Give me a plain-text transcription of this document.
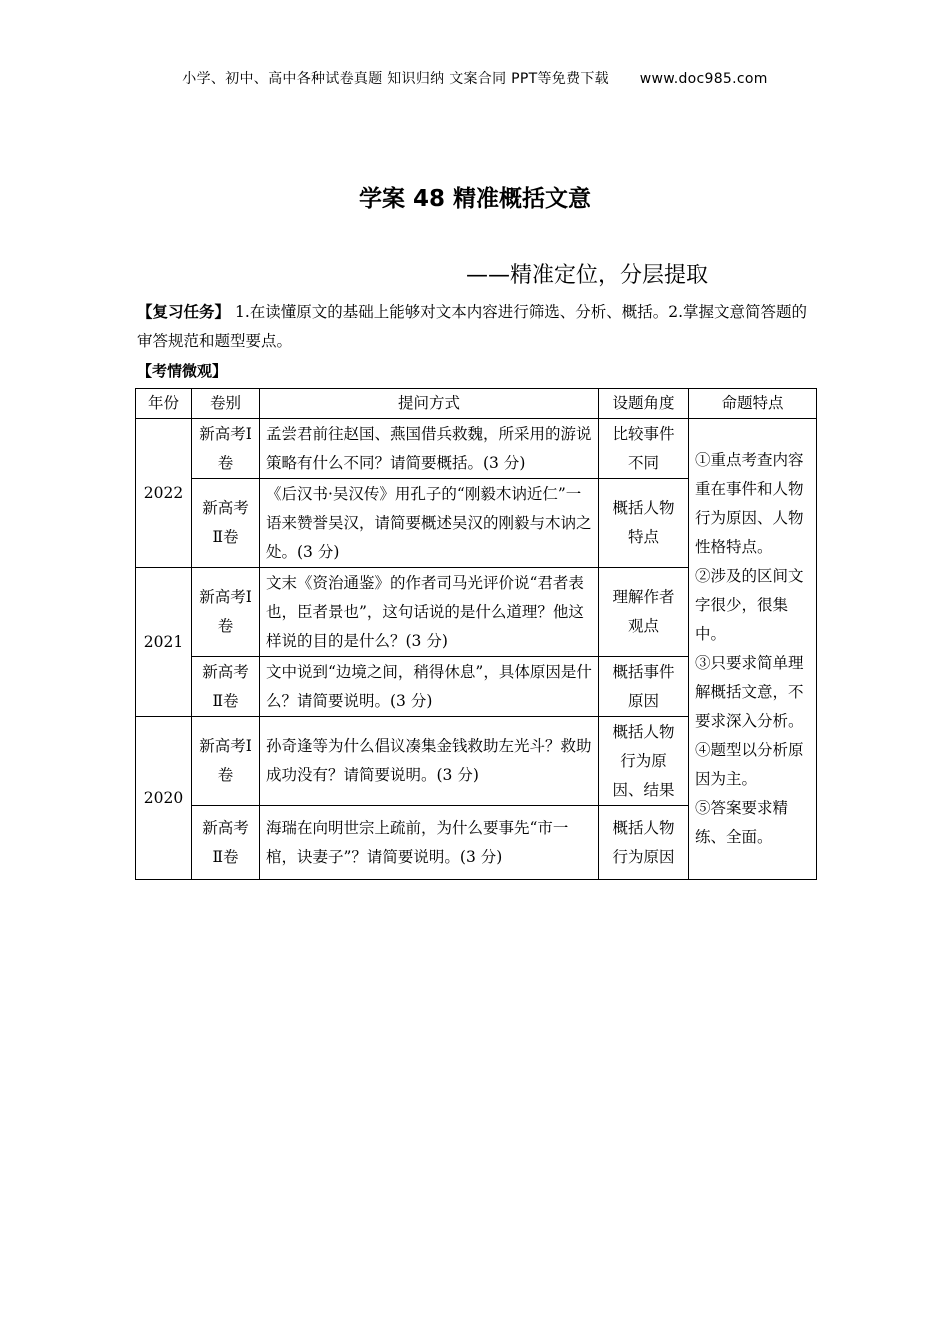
小学、初中、高中各种试卷真题 知识归纳 文案合同 PPT等免费下载 www.doc985.com
学案 48 精准概括文意
——精准定位，分层提取
【复习任务】 1.在读懂原文的基础上能够对文本内容进行筛选、分析、概括。2.掌握文意简答题的审答规范和题型要点。
【考情微观】
年份	卷别	提问方式	设题角度	命题特点
2022	新高考Ⅰ卷	孟尝君前往赵国、燕国借兵救魏，所采用的游说策略有什么不同？请简要概括。(3 分)	比较事件不同	①重点考查内容重在事件和人物行为原因、人物性格特点。
②涉及的区间文字很少，很集中。
③只要求简单理解概括文意，不要求深入分析。
④题型以分析原因为主。
⑤答案要求精练、全面。

	新高考Ⅱ卷	《后汉书·吴汉传》用孔子的“刚毅木讷近仁”一语来赞誉吴汉，请简要概述吴汉的刚毅与木讷之处。(3 分)	概括人物特点	
2021	新高考Ⅰ卷	文末《资治通鉴》的作者司马光评价说“君者表也，臣者景也”，这句话说的是什么道理？他这样说的目的是什么？(3 分)	理解作者观点	
	新高考Ⅱ卷	文中说到“边境之间，稍得休息”，具体原因是什么？请简要说明。(3 分)	概括事件原因	
2020	新高考Ⅰ卷	孙奇逢等为什么倡议凑集金钱救助左光斗？救助成功没有？请简要说明。(3 分)	概括人物行为原因、结果	
	新高考Ⅱ卷	海瑞在向明世宗上疏前，为什么要事先“市一棺，诀妻子”？请简要说明。(3 分)	概括人物行为原因	
